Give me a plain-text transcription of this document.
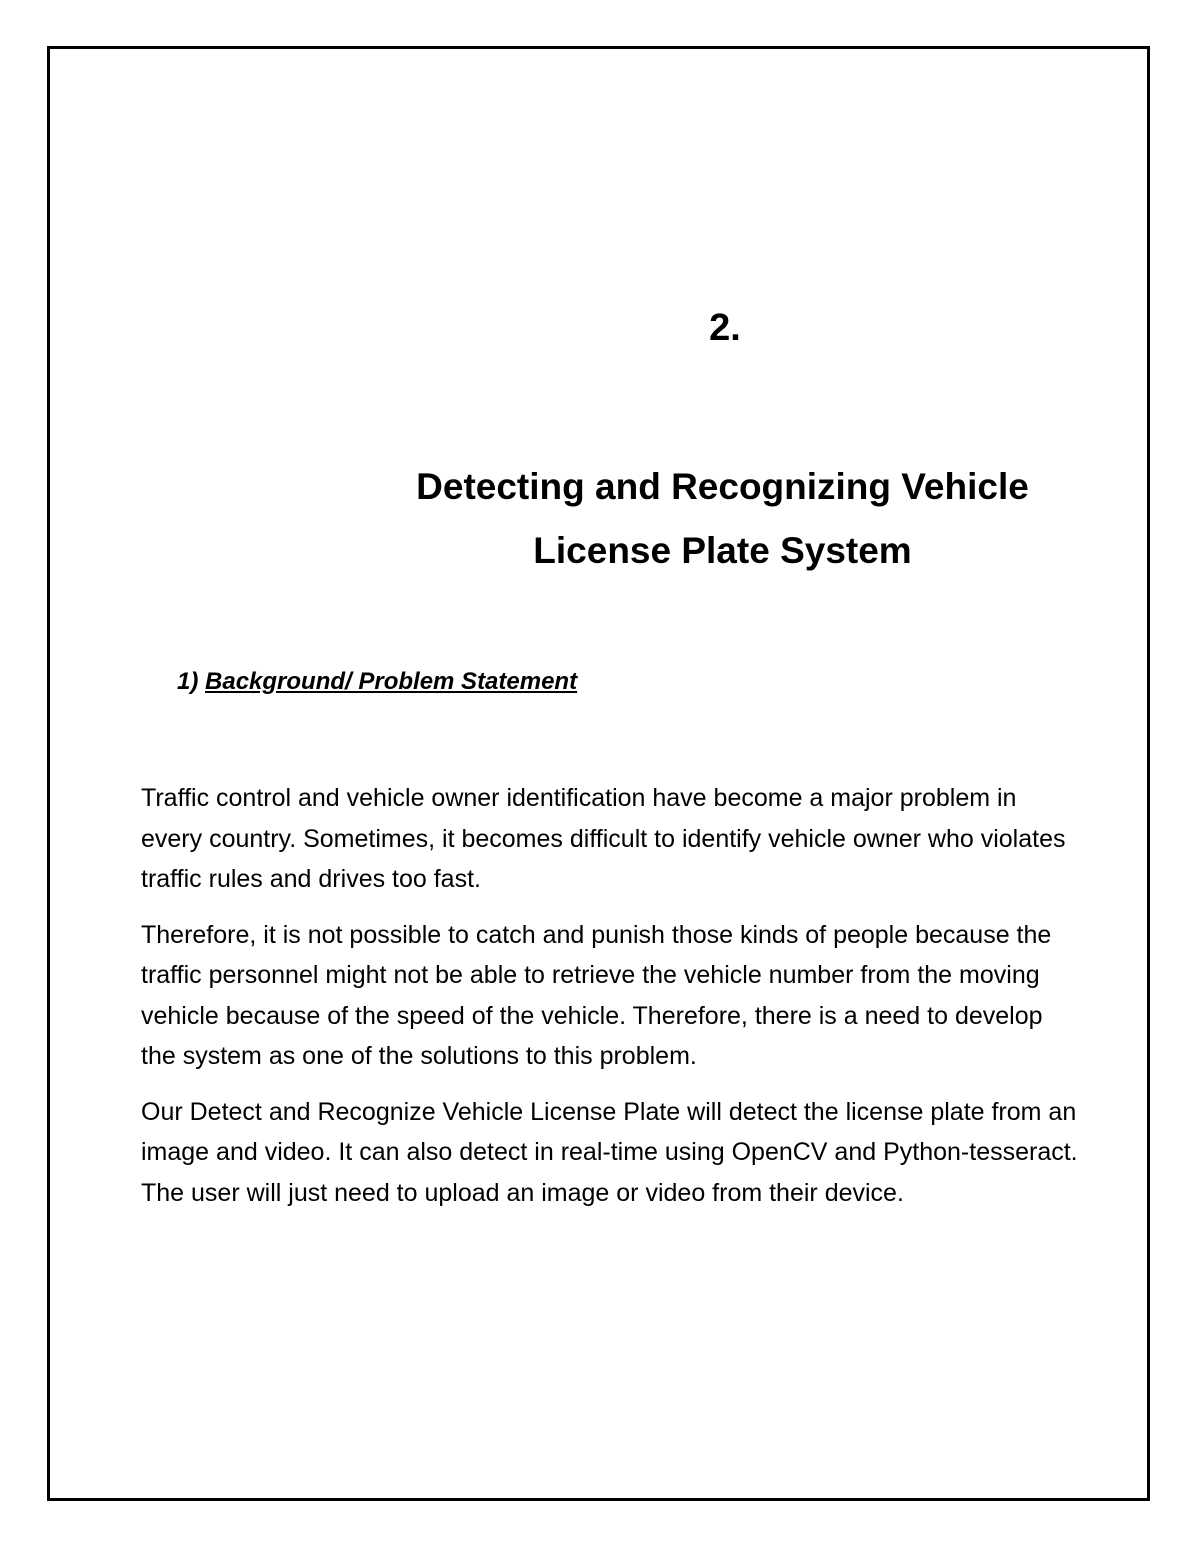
2.
Detecting and Recognizing Vehicle
License Plate System
1) Background/ Problem Statement

Traffic control and vehicle owner identification have become a major problem in every country. Sometimes, it becomes difficult to identify vehicle owner who violates traffic rules and drives too fast.

Therefore, it is not possible to catch and punish those kinds of people because the traffic personnel might not be able to retrieve the vehicle number from the moving vehicle because of the speed of the vehicle. Therefore, there is a need to develop the system as one of the solutions to this problem.

Our Detect and Recognize Vehicle License Plate will detect the license plate from an image and video. It can also detect in real-time using OpenCV and Python-tesseract. The user will just need to upload an image or video from their device.
